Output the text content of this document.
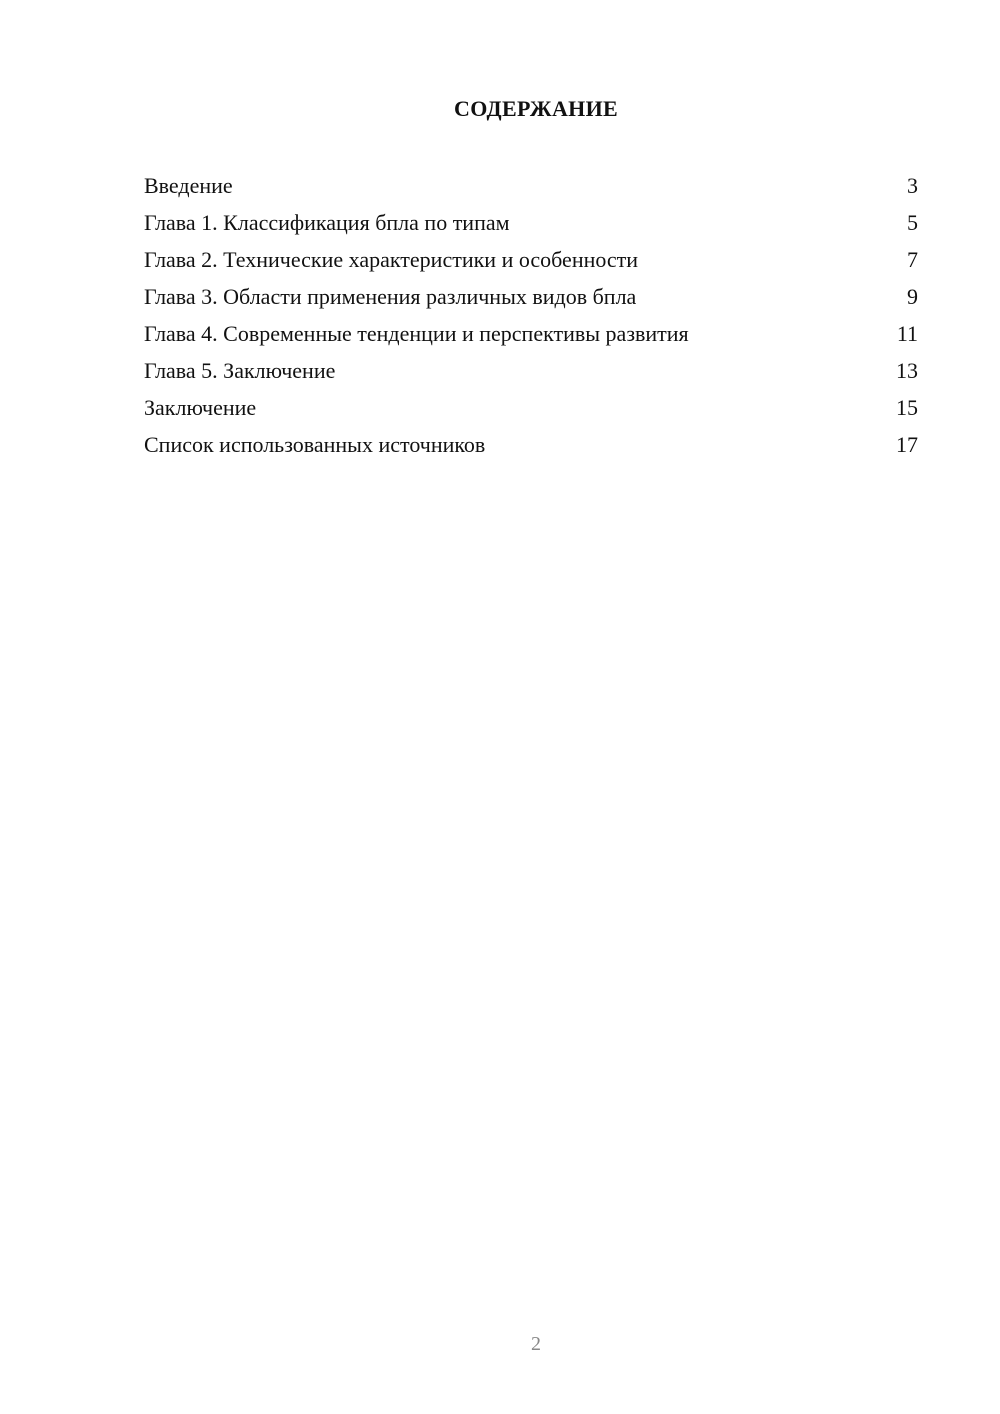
СОДЕРЖАНИЕ
Введение	3
Глава 1. Классификация бпла по типам	5
Глава 2. Технические характеристики и особенности	7
Глава 3. Области применения различных видов бпла	9
Глава 4. Современные тенденции и перспективы развития	11
Глава 5. Заключение	13
Заключение	15
Список использованных источников	17
2
